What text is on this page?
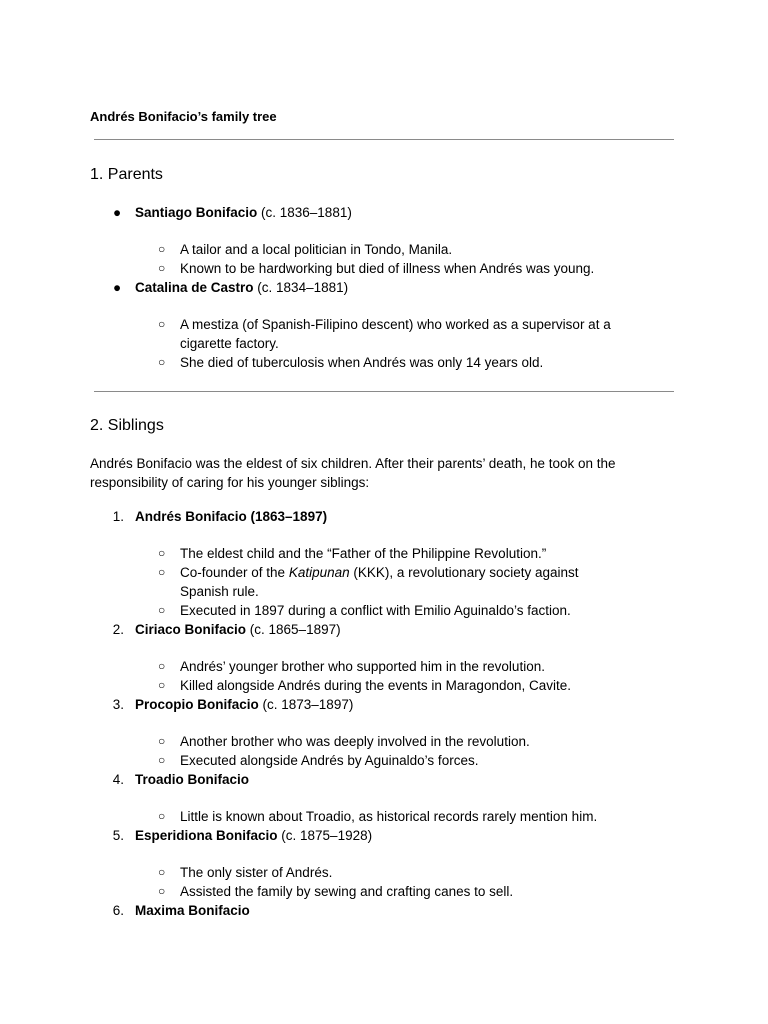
Andrés Bonifacio’s family tree

1. Parents
● Santiago Bonifacio (c. 1836–1881)
○ A tailor and a local politician in Tondo, Manila.
○ Known to be hardworking but died of illness when Andrés was young.
● Catalina de Castro (c. 1834–1881)
○ A mestiza (of Spanish-Filipino descent) who worked as a supervisor at a cigarette factory.
○ She died of tuberculosis when Andrés was only 14 years old.
2. Siblings

Andrés Bonifacio was the eldest of six children. After their parents’ death, he took on the responsibility of caring for his younger siblings:

1. Andrés Bonifacio (1863–1897)
○ The eldest child and the “Father of the Philippine Revolution.”
○ Co-founder of the Katipunan (KKK), a revolutionary society against Spanish rule.
○ Executed in 1897 during a conflict with Emilio Aguinaldo’s faction.
2. Ciriaco Bonifacio (c. 1865–1897)
○ Andrés’ younger brother who supported him in the revolution.
○ Killed alongside Andrés during the events in Maragondon, Cavite.
3. Procopio Bonifacio (c. 1873–1897)
○ Another brother who was deeply involved in the revolution.
○ Executed alongside Andrés by Aguinaldo’s forces.
4. Troadio Bonifacio
○ Little is known about Troadio, as historical records rarely mention him.
5. Esperidiona Bonifacio (c. 1875–1928)
○ The only sister of Andrés.
○ Assisted the family by sewing and crafting canes to sell.
6. Maxima Bonifacio
